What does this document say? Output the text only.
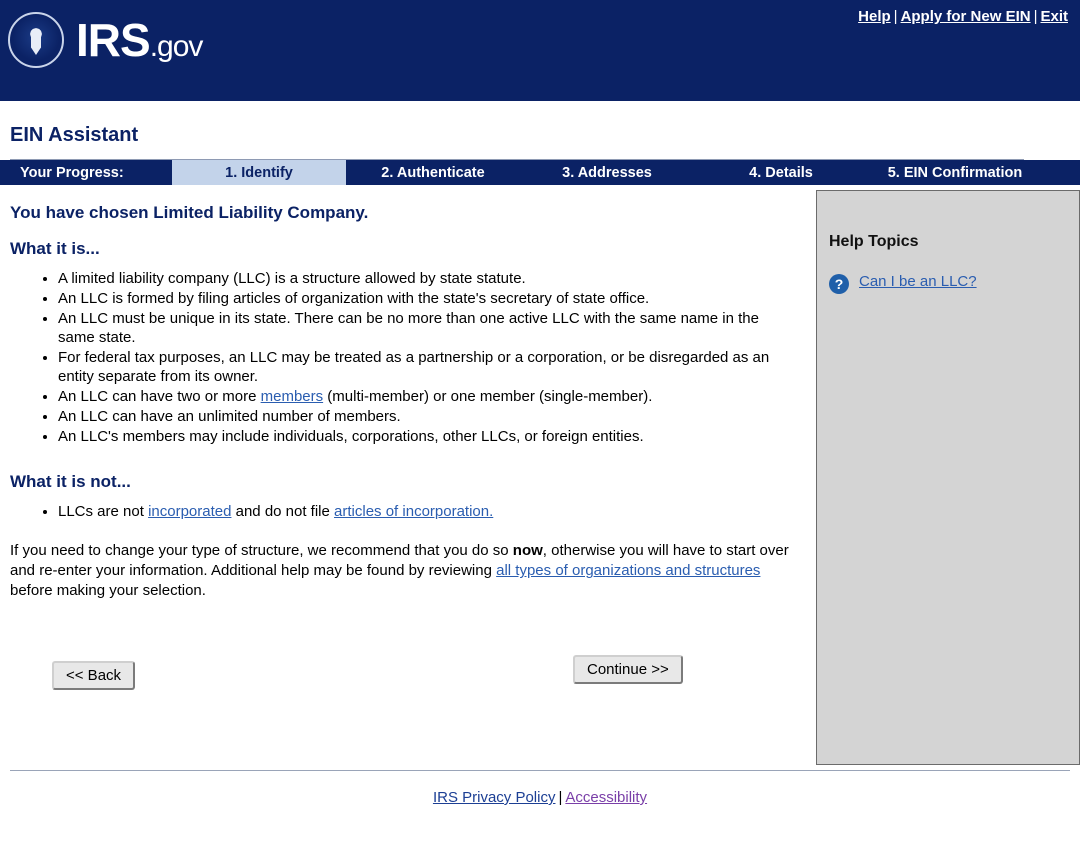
IRS.gov
Help | Apply for New EIN | Exit
EIN Assistant
Your Progress:	1. Identify	2. Authenticate	3. Addresses	4. Details	5. EIN Confirmation
You have chosen Limited Liability Company.
What it is...
• A limited liability company (LLC) is a structure allowed by state statute.
• An LLC is formed by filing articles of organization with the state's secretary of state office.
• An LLC must be unique in its state. There can be no more than one active LLC with the same name in the same state.
• For federal tax purposes, an LLC may be treated as a partnership or a corporation, or be disregarded as an entity separate from its owner.
• An LLC can have two or more members (multi-member) or one member (single-member).
• An LLC can have an unlimited number of members.
• An LLC's members may include individuals, corporations, other LLCs, or foreign entities.
What it is not...
• LLCs are not incorporated and do not file articles of incorporation.
If you need to change your type of structure, we recommend that you do so now, otherwise you will have to start over and re-enter your information. Additional help may be found by reviewing all types of organizations and structures before making your selection.
<< Back	Continue >>
Help Topics
?	Can I be an LLC?
IRS Privacy Policy | Accessibility
